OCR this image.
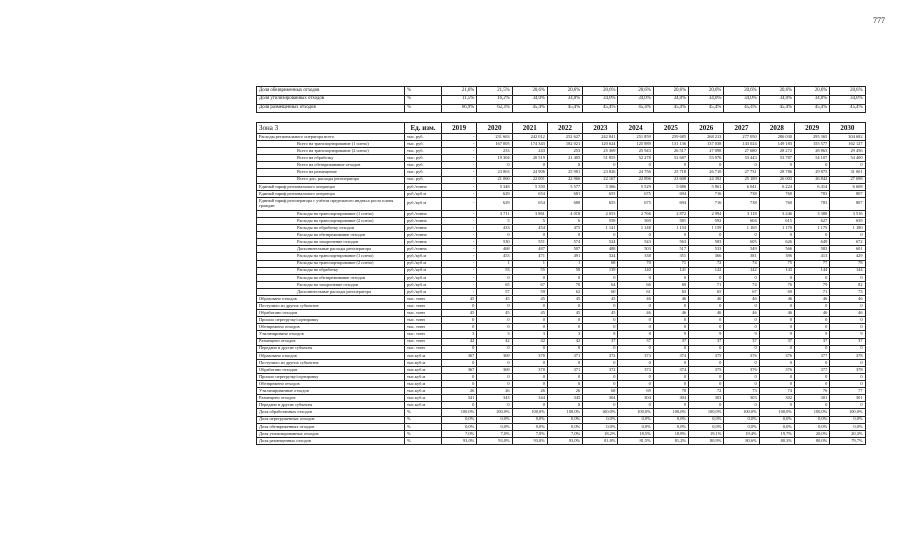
777
Доля обезвреженных отходов	%	21,6%	21,5%	20,6%	20,6%	20,6%	20,6%	20,6%	20,6%	20,6%	20,6%	20,6%	20,6%
Доля утилизированных отходов	%	11,5%	16,2%	34,0%	34,0%	34,0%	34,0%	34,0%	34,0%	34,0%	34,0%	34,0%	34,0%
Доля размещенных отходов	%	66,9%	62,3%	45,4%	45,4%	45,4%	45,4%	45,4%	45,4%	45,4%	45,4%	45,4%	45,4%
Зона 3	Ед. изм.	2019	2020	2021	2022	2023	2024	2025	2026	2027	2028	2029	2030
Расходы регионального оператора всего	тыс. руб.	-	231 663	242 012	252 627	242 841	251 859	259 685	268 213	277 050	286 030	295 365	304 682
Всего на транспортирование (1 плечо)	тыс. руб.	-	167 005	174 343	182 021	120 624	125 989	131 136	137 038	143 024	149 183	155 577	162 127
Всего на транспортирование (2 плечо)	тыс. руб.	-	233	243	253	25 369	25 943	26 517	27 098	27 680	28 272	28 863	29 456
Всего на обработку	тыс. руб.	-	19 304	20 519	21 405	51 855	52 278	52 687	53 076	53 443	53 787	54 107	54 400
Всего на обезвреживание отходов	тыс. руб.	-	0	0	0	0	0	0	0	0	0	0	0
Всего на размещение	тыс. руб.	-	23 863	24 906	25 981	23 826	24 756	25 718	26 710	27 731	28 786	29 875	31 001
Всего доп. расходы регоператора	тыс. руб.	-	21 060	22 001	22 966	22 167	22 896	23 608	24 392	25 189	26 003	26 842	27 698
Единый тариф регионального оператора	руб./тонна	-	5 348	5 350	5 577	5 366	5 529	5 686	5 861	6 041	6 224	6 414	6 608
Единый тариф регионального оператора	руб./куб.м	-	629	654	681	655	675	694	716	738	760	783	807
Единый тариф регоператора с учётом предельного индекса роста платы граждан	руб./куб.м	-	629	654	680	655	675	694	716	738	760	783	807
Расходы на транспортирование (1 плечо)	руб./тонна	-	3 711	3 861	4 018	2 653	2 766	2 872	2 994	3 118	3 246	3 380	3 516
Расходы на транспортирование (2 плечо)	руб./тонна	-	5	5	6	558	569	581	592	604	615	627	639
Расходы на обработку отходов	руб./тонна	-	433	454	475	1 141	1 148	1 154	1 159	1 165	1 170	1 175	1 180
Расходы на обезвреживание отходов	руб./тонна	-	0	0	0	0	0	0	0	0	0	0	0
Расходы на захоронение отходов	руб./тонна	-	530	551	574	524	543	563	583	605	626	649	672
Дополнительные расходы регоператора	руб./тонна	-	468	487	507	488	503	517	533	549	566	583	601
Расходы на транспортирование (1 плечо)	руб./куб.м	-	453	471	491	324	338	351	366	381	396	413	429
Расходы на транспортирование (2 плечо)	руб./куб.м	-	1	1	1	68	70	71	72	74	75	77	78
Расходы на обработку	руб./куб.м	-	53	55	58	139	140	141	142	142	143	144	144
Расходы на обезвреживание отходов	руб./куб.м	-	0	0	0	0	0	0	0	0	0	0	0
Расходы на захоронение отходов	руб./куб.м	-	65	67	70	64	66	69	71	74	76	79	82
Дополнительные расходы регоператора	руб./куб.м	-	57	59	62	60	61	63	65	67	69	71	73
Образовано отходов	тыс. тонн	45	45	45	45	45	46	46	46	46	46	46	46
Поступило из других субъектов	тыс. тонн	0	0	0	0	0	0	0	0	0	0	0	0
Обработано отходов	тыс. тонн	45	45	45	45	45	46	46	46	46	46	46	46
Прошло перегрузку/сортировку	тыс. тонн	0	0	0	0	0	0	0	0	0	0	0	0
Обезврежено отходов	тыс. тонн	0	0	0	0	0	0	0	0	0	0	0	0
Утилизировано отходов	тыс. тонн	3	3	3	3	8	8	9	9	9	9	9	9
Размещено отходов	тыс. тонн	42	42	42	42	37	37	37	37	37	37	37	37
Передано в другие субъекты	тыс. тонн	0	0	0	0	0	0	0	0	0	0	0	0
Образовано отходов	тыс.куб.м	367	369	370	371	372	373	374	375	376	376	377	378
Поступило из других субъектов	тыс.куб.м	0	0	0	0	0	0	0	0	0	0	0	0
Обработано отходов	тыс.куб.м	367	369	370	371	372	373	374	375	376	376	377	378
Прошло перегрузку/сортировку	тыс.куб.м	0	0	0	0	0	0	0	0	0	0	0	0
Обезврежено отходов	тыс.куб.м	0	0	0	0	0	0	0	0	0	0	0	0
Утилизированные отходов	тыс.куб.м	26	26	26	26	68	69	70	72	73	74	76	77
Размещено отходов	тыс.куб.м	341	343	344	345	304	304	304	303	303	302	301	301
Передано в другие субъекты	тыс.куб.м	0	0	0	0	0	0	0	0	0	0	0	0
Доля обработанных отходов	%	100,0%	100,0%	100,0%	100,0%	100,0%	100,0%	100,0%	100,0%	100,0%	100,0%	100,0%	100,0%
Доля перегруженных отходов	%	0,0%	0,0%	0,0%	0,0%	0,0%	0,0%	0,0%	0,0%	0,0%	0,0%	0,0%	0,0%
Доля обезвреженных отходов	%	0,0%	0,0%	0,0%	0,0%	0,0%	0,0%	0,0%	0,0%	0,0%	0,0%	0,0%	0,0%
Доля утилизированных отходов	%	7,0%	7,0%	7,0%	7,0%	18,2%	18,5%	18,8%	19,1%	19,4%	19,7%	20,0%	20,3%
Доля размещенных отходов	%	93,0%	93,0%	93,0%	93,0%	81,8%	81,5%	81,2%	80,9%	80,6%	80,3%	80,0%	79,7%
